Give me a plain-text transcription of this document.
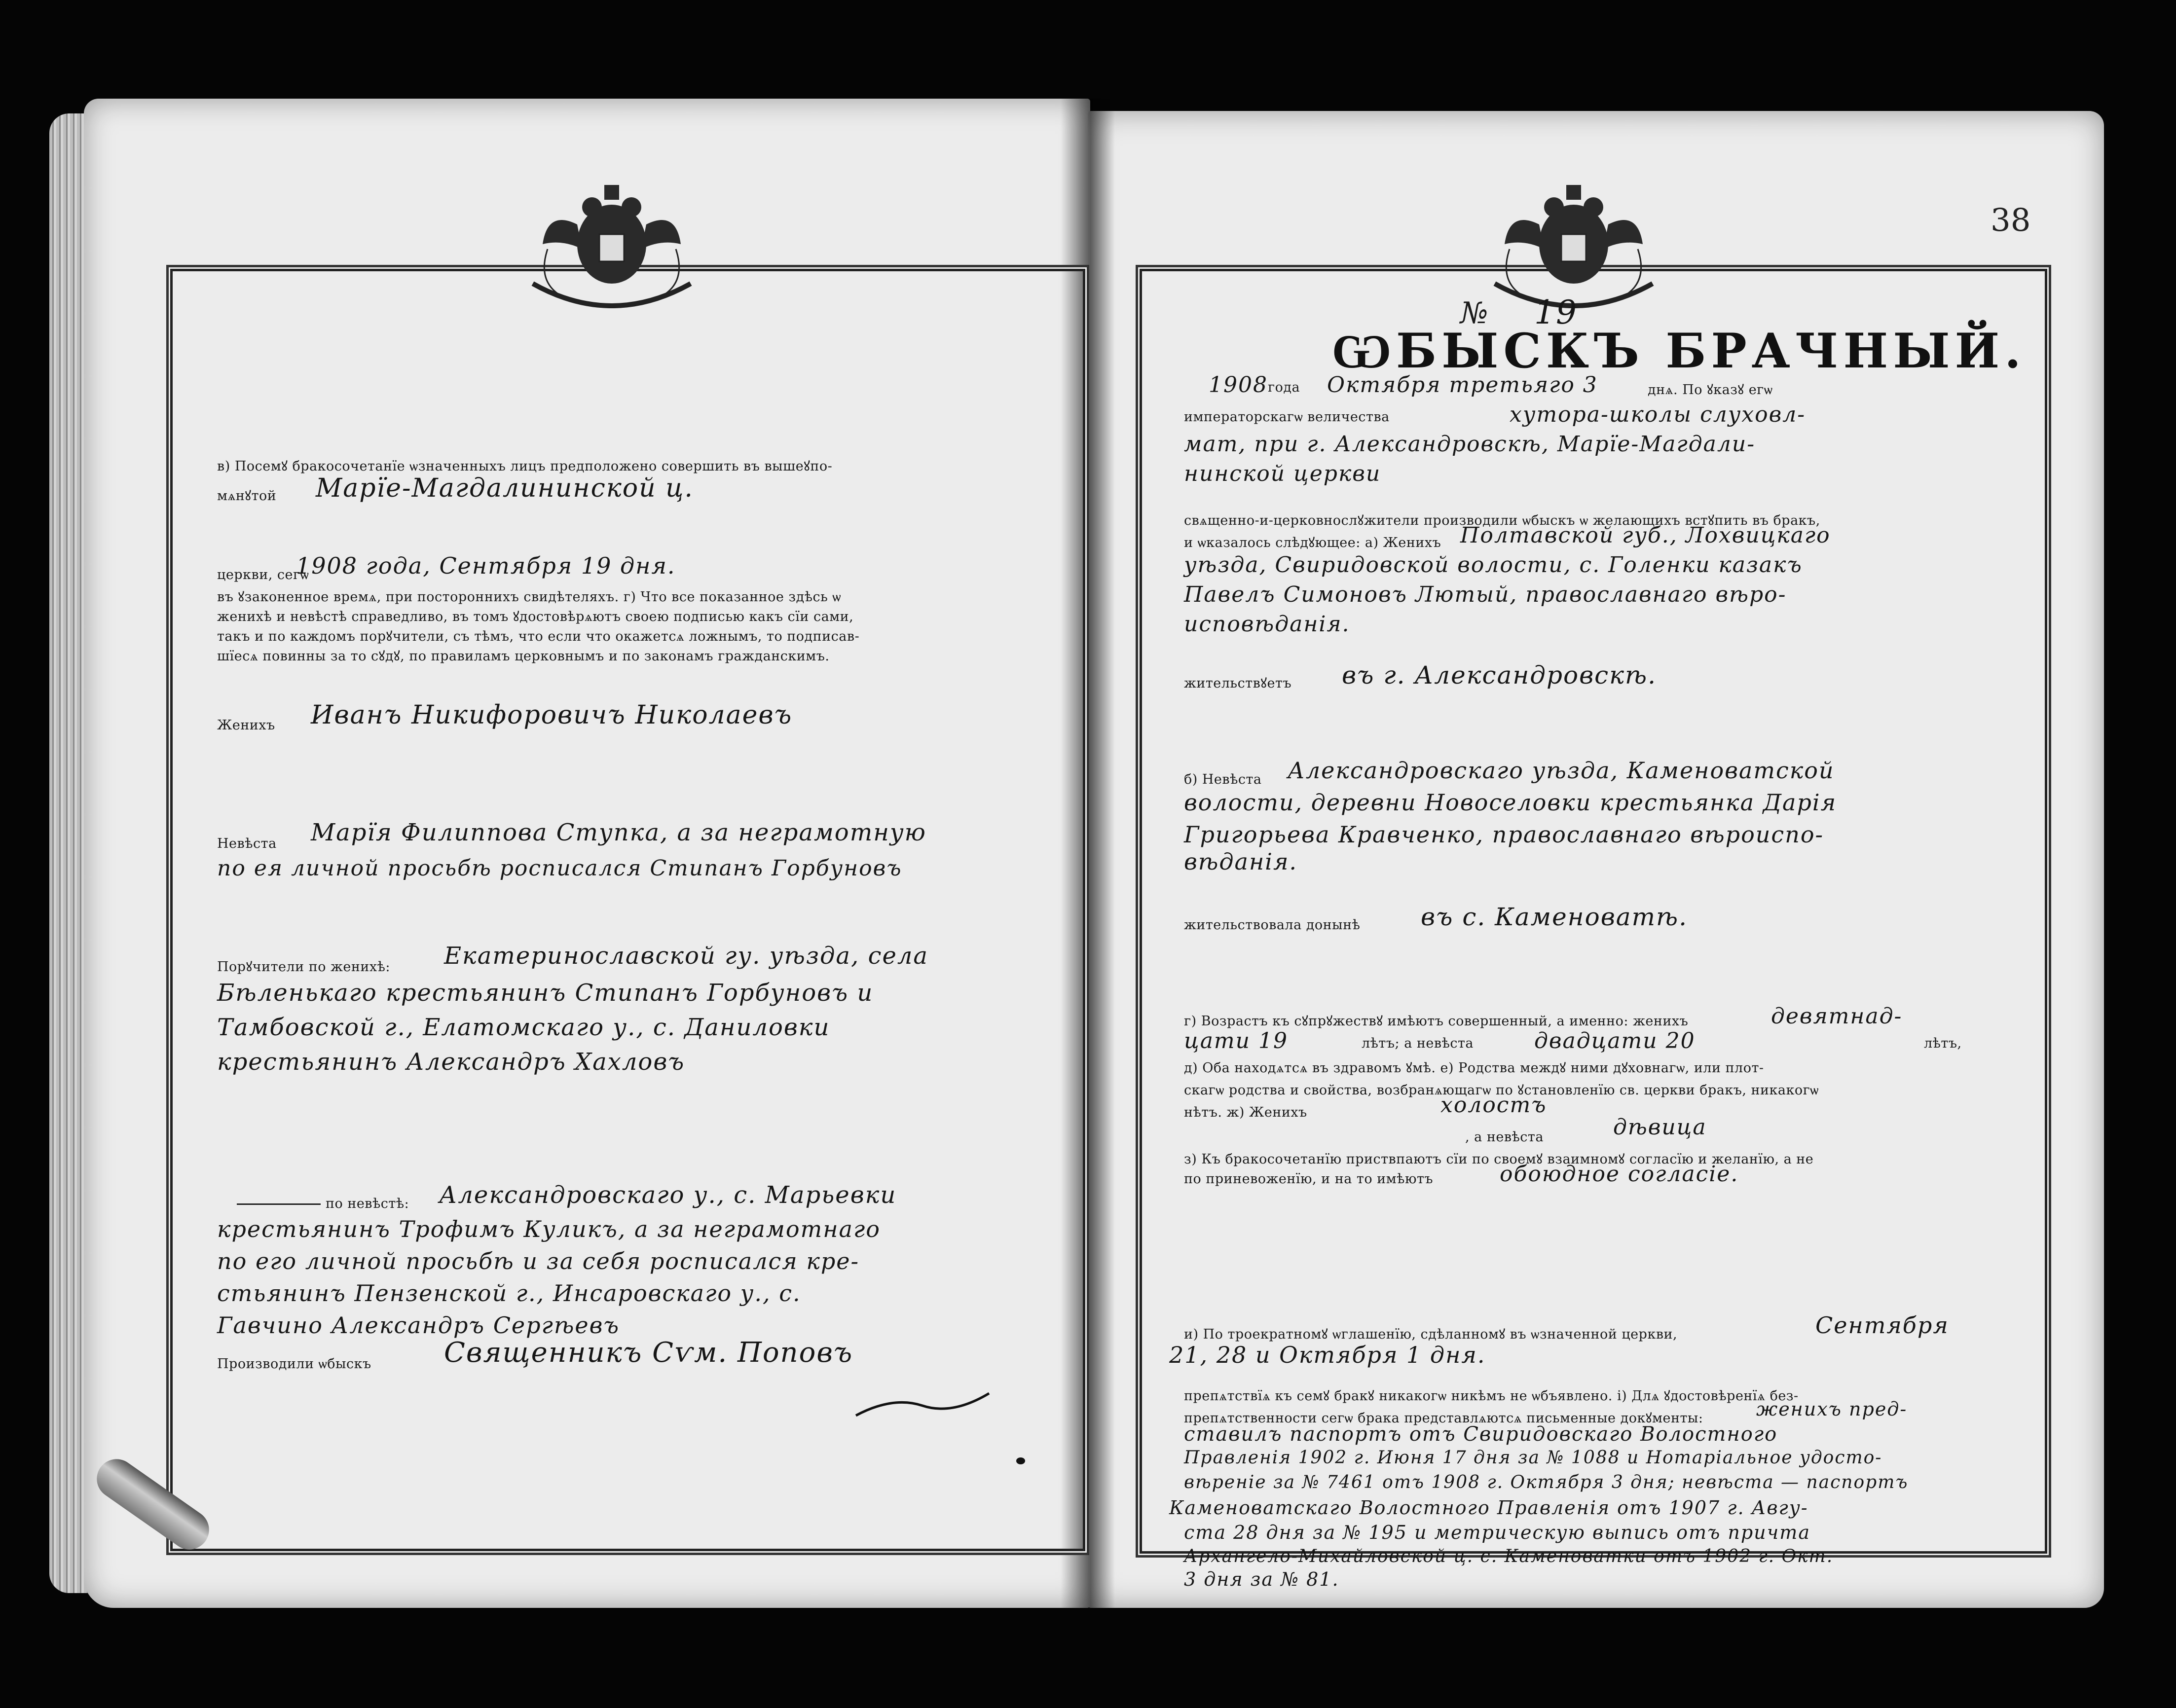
38
в) Посемꙋ бракосочетанїе ѡзначенныхъ лицъ предположено совершить въ вышеꙋпо-
мѧнꙋтой Марїе-Магдалининской ц.
церкви, сегѡ
1908 года, Сентября 19 дня.
въ ꙋзаконенное времѧ, при постороннихъ свидѣтеляхъ. г) Что все показанное здѣсь ѡ
женихѣ и невѣстѣ справедливо, въ томъ ꙋдостовѣрѧютъ своею подписью какъ сїи сами,
такъ и по каждомъ порꙋчители, съ тѣмъ, что если что окажетсѧ ложнымъ, то подписав-
шїесѧ повинны за то сꙋдꙋ, по правиламъ церковнымъ и по законамъ гражданскимъ.
Женихъ Иванъ Никифоровичъ Николаевъ
Невѣста Марїя Филиппова Ступка, а за неграмотную
по ея личной просьбѣ росписался Стипанъ Горбуновъ
Порꙋчители по женихѣ: Екатеринославской гу. уѣзда, села
Бѣленькаго крестьянинъ Стипанъ Горбуновъ и
Тамбовской г., Елатомскаго у., с. Даниловки
крестьянинъ Александръ Хахловъ
по невѣстѣ: Александровскаго у., с. Марьевки
крестьянинъ Трофимъ Куликъ, а за неграмотнаго
по его личной просьбѣ и за себя росписался кре-
стьянинъ Пензенской г., Инсаровскаго у., с.
Гавчино Александръ Сергѣевъ
Производили ѡбыскъ	Священникъ Сѵм. Поповъ
№ 19
ѠБЫСКЪ БРАЧНЫЙ.
1908 года Октября третьяго 3	днѧ. По ꙋказꙋ егѡ
императорскагѡ величества	хутора-школы слуховл-
мат, при г. Александровскѣ, Марїе-Магдали-
нинской церкви
свѧщенно-и-церковнослꙋжители производили ѡбыскъ ѡ желающихъ встꙋпить въ бракъ,
и ѡказалось слѣдꙋющее: а) Женихъ Полтавской губ., Лохвицкаго
уѣзда, Свиридовской волости, с. Голенки казакъ
Павелъ Симоновъ Лютый, православнаго вѣро-
исповѣданія.
жительствꙋетъ въ г. Александровскѣ.
б) Невѣста Александровскаго уѣзда, Каменоватской
волости, деревни Новоселовки крестьянка Дарія
Григорьева Кравченко, православнаго вѣроиспо-
вѣданія.
жительствовала донынѣ въ с. Каменоватѣ.
г) Возрастъ къ сꙋпрꙋжествꙋ имѣютъ совершенный, а именно: женихъ	девятнад-
цати 19	лѣтъ; а невѣста	двадцати 20	лѣтъ,
д) Оба находѧтсѧ въ здравомъ ꙋмѣ. е) Родства междꙋ ними дꙋховнагѡ, или плот-
скагѡ родства и свойства, возбранѧющагѡ по ꙋстановленїю св. церкви бракъ, никакогѡ
нѣтъ. ж) Женихъ	холостъ
, а невѣста	дѣвица
з) Къ бракосочетанїю приствпаютъ сїи по своемꙋ взаимномꙋ согласїю и желанїю, а не
по приневоженїю, и на то имѣютъ	обоюдное согласіе.
и) По троекратномꙋ ѡглашенїю, сдѣланномꙋ въ ѡзначенной церкви,	Сентября
21, 28 и Октября 1 дня.
препѧтствїѧ къ семꙋ бракꙋ никакогѡ никѣмъ не ѡбъявлено. і) Длѧ ꙋдостовѣренїѧ без-
препѧтственности сегѡ брака представлѧютсѧ письменные докꙋменты:	женихъ пред-
ставилъ паспортъ отъ Свиридовскаго Волостного
Правленія 1902 г. Июня 17 дня за № 1088 и Нотаріальное удосто-
вѣреніе за № 7461 отъ 1908 г. Октября 3 дня; невѣста — паспортъ
Каменоватскаго Волостного Правленія отъ 1907 г. Авгу-
ста 28 дня за № 195 и метрическую выпись отъ причта
Архангело-Михайловской ц. с. Каменоватки отъ 1902 г. Окт.
3 дня за № 81.
